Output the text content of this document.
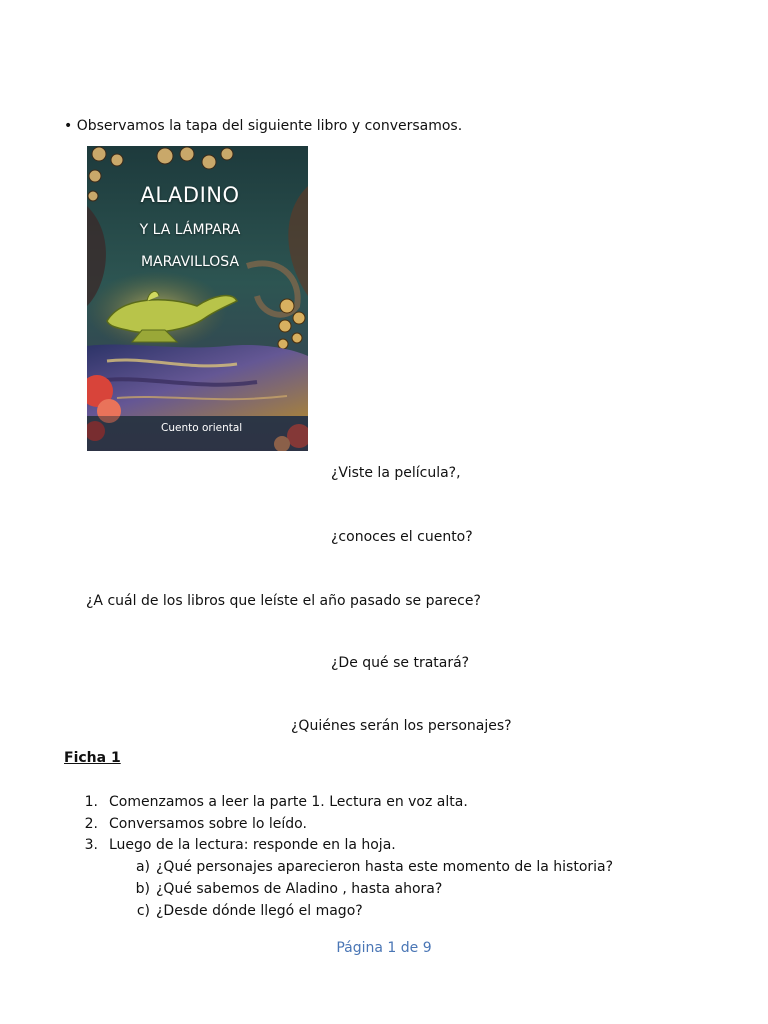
• Observamos la tapa del siguiente libro y conversamos.
ALADINO
Y LA LÁMPARA
MARAVILLOSA
Cuento oriental
¿Viste la película?,
¿conoces el cuento?
¿A cuál de los libros que leíste el año pasado se parece?
¿De qué se tratará?
¿Quiénes serán los personajes?
Ficha 1
1. Comenzamos a leer la parte 1. Lectura en voz alta.
2. Conversamos sobre lo leído.
3. Luego de la lectura: responde en la hoja.
a) ¿Qué personajes aparecieron hasta este momento de la historia?
b) ¿Qué sabemos de Aladino , hasta ahora?
c) ¿Desde dónde llegó el mago?
Página 1 de 9
